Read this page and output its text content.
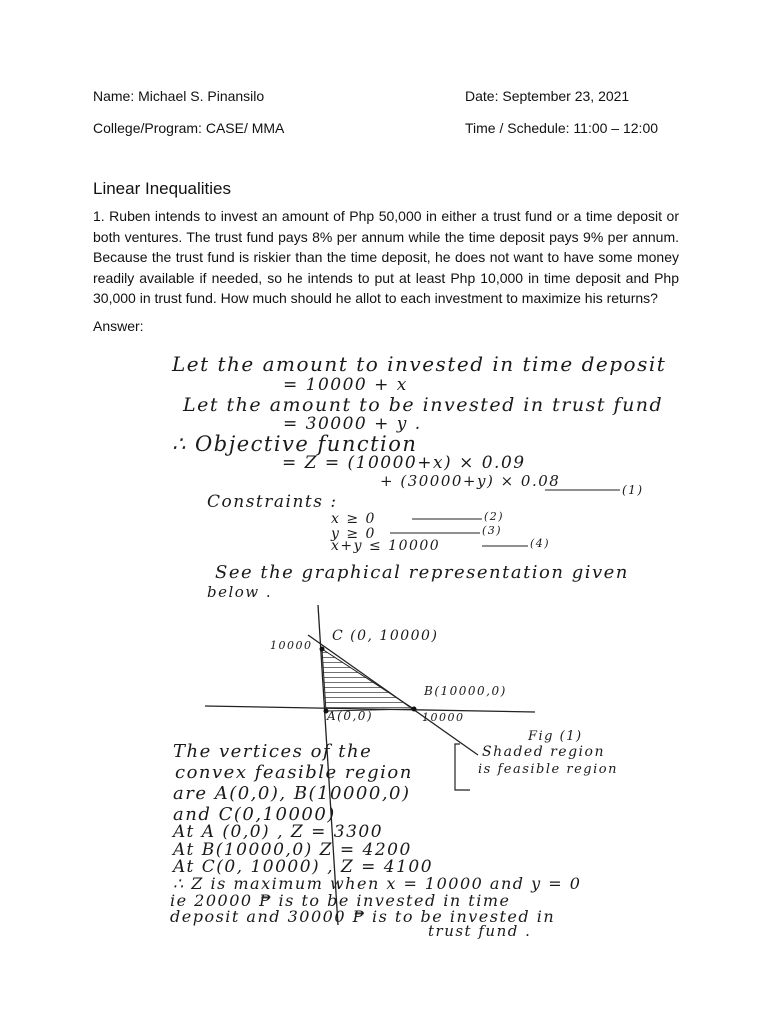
Name: Michael S. Pinansilo	Date: September 23, 2021
College/Program: CASE/ MMA	Time / Schedule: 11:00 – 12:00
Linear Inequalities
1. Ruben intends to invest an amount of Php 50,000 in either a trust fund or a time deposit or both ventures. The trust fund pays 8% per annum while the time deposit pays 9% per annum. Because the trust fund is riskier than the time deposit, he does not want to have some money readily available if needed, so he intends to put at least Php 10,000 in time deposit and Php 30,000 in trust fund. How much should he allot to each investment to maximize his returns?
Answer:
Let the amount to invested in time deposit
= 10000 + x
Let the amount to be invested in trust fund
= 30000 + y .
∴ Objective function
= Z = (10000+x) × 0.09
+ (30000+y) × 0.08	(1)
Constraints :
x ≥ 0	(2)
y ≥ 0	(3)
x+y ≤ 10000	(4)
See the graphical representation given
below .
10000
C (0, 10000)
B(10000,0)
A(0,0)	10000
Fig (1)
Shaded region
is feasible region
The vertices of the
convex feasible region
are A(0,0), B(10000,0)
and C(0,10000)
At A (0,0) , Z = 3300
At B(10000,0) Z = 4200
At C(0, 10000) , Z = 4100
∴ Z is maximum when x = 10000 and y = 0
ie 20000 ₱ is to be invested in time
deposit and 30000 ₱ is to be invested in
trust fund .
